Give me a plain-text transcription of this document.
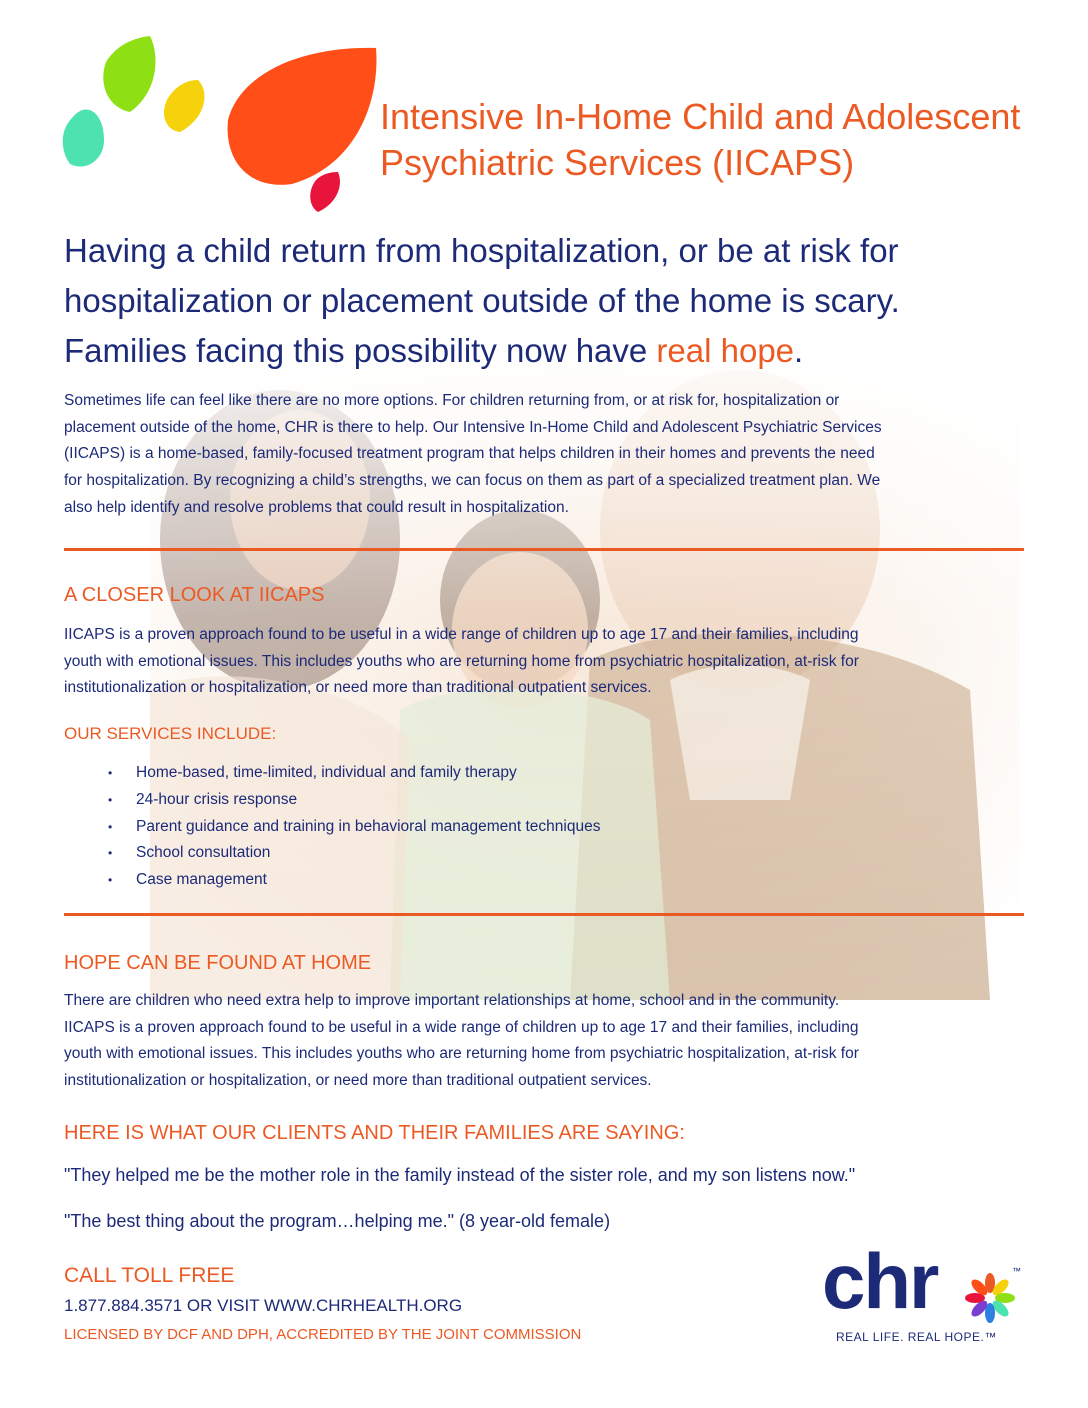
Intensive In-Home Child and Adolescent
Psychiatric Services (IICAPS)
Having a child return from hospitalization, or be at risk for
hospitalization or placement outside of the home is scary.
Families facing this possibility now have real hope.
Sometimes life can feel like there are no more options. For children returning from, or at risk for, hospitalization or
placement outside of the home, CHR is there to help. Our Intensive In-Home Child and Adolescent Psychiatric Services
(IICAPS) is a home-based, family-focused treatment program that helps children in their homes and prevents the need
for hospitalization. By recognizing a child’s strengths, we can focus on them as part of a specialized treatment plan. We
also help identify and resolve problems that could result in hospitalization.
A CLOSER LOOK AT IICAPS
IICAPS is a proven approach found to be useful in a wide range of children up to age 17 and their families, including
youth with emotional issues. This includes youths who are returning home from psychiatric hospitalization, at-risk for
institutionalization or hospitalization, or need more than traditional outpatient services.
OUR SERVICES INCLUDE:
• Home-based, time-limited, individual and family therapy
• 24-hour crisis response
• Parent guidance and training in behavioral management techniques
• School consultation
• Case management
HOPE CAN BE FOUND AT HOME
There are children who need extra help to improve important relationships at home, school and in the community.
IICAPS is a proven approach found to be useful in a wide range of children up to age 17 and their families, including
youth with emotional issues. This includes youths who are returning home from psychiatric hospitalization, at-risk for
institutionalization or hospitalization, or need more than traditional outpatient services.
HERE IS WHAT OUR CLIENTS AND THEIR FAMILIES ARE SAYING:
"They helped me be the mother role in the family instead of the sister role, and my son listens now."
"The best thing about the program…helping me." (8 year-old female)
CALL TOLL FREE
1.877.884.3571 OR VISIT WWW.CHRHEALTH.ORG
LICENSED BY DCF AND DPH, ACCREDITED BY THE JOINT COMMISSION
chr	™
REAL LIFE. REAL HOPE.™
